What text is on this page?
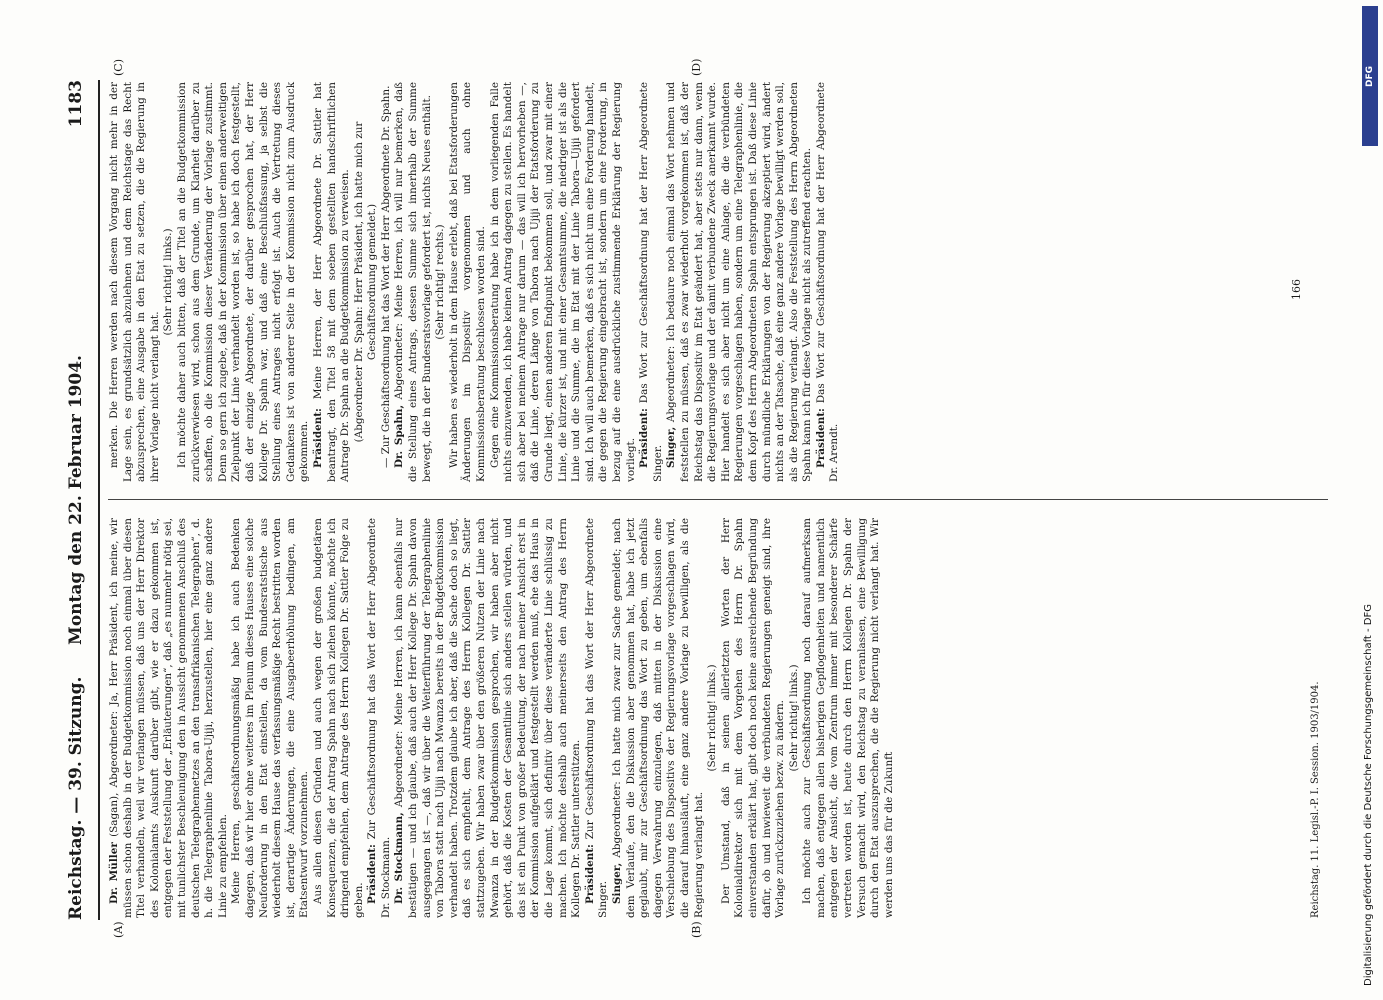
Reichstag. — 39. Sitzung.
Montag den 22. Februar 1904.
1183
(A)	(B)
(C)	(D)

Dr. Müller (Sagan), Abgeordneter: Ja, Herr Präsident, ich meine, wir müssen schon deshalb in der Budgetkommission noch einmal über diesen Titel verhandeln, weil wir verlangen müssen, daß uns der Herr Direktor des Kolonialamts Auskunft darüber gibt, wie er dazu gekommen ist, entgegen der Feststellung der „Erläuterungen“, daß „es nunmehr nötig sei, mit tunlichster Beschleunigung den in Aussicht genommenen Anschluß des deutschen Telegraphennetzes an den transafrikanischen Telegraphen“, d. h. die Telegraphenlinie Tabora-Ujiji, herzustellen, hier eine ganz andere Linie zu empfehlen. Meine Herren, geschäftsordnungsmäßig habe ich auch Bedenken dagegen, daß wir hier ohne weiteres im Plenum dieses Hauses eine solche Neuforderung in den Etat einstellen, da vom Bundesratstische aus wiederholt diesem Hause das verfassungsmäßige Recht bestritten worden ist, derartige Änderungen, die eine Ausgabeerhöhung bedingen, am Etatsentwurf vorzunehmen. Aus allen diesen Gründen und auch wegen der großen budgetären Konsequenzen, die der Antrag Spahn nach sich ziehen könnte, möchte ich dringend empfehlen, dem Antrage des Herrn Kollegen Dr. Sattler Folge zu geben. Präsident: Zur Geschäftsordnung hat das Wort der Herr Abgeordnete Dr. Stockmann. Dr. Stockmann, Abgeordneter: Meine Herren, ich kann ebenfalls nur bestätigen — und ich glaube, daß auch der Herr Kollege Dr. Spahn davon ausgegangen ist —, daß wir über die Weiterführung der Telegraphenlinie von Tabora statt nach Ujiji nach Mwanza bereits in der Budgetkommission verhandelt haben. Trotzdem glaube ich aber, daß die Sache doch so liegt, daß es sich empfiehlt, dem Antrage des Herrn Kollegen Dr. Sattler stattzugeben. Wir haben zwar über den größeren Nutzen der Linie nach Mwanza in der Budgetkommission gesprochen, wir haben aber nicht gehört, daß die Kosten der Gesamtlinie sich anders stellen würden, und das ist ein Punkt von großer Bedeutung, der nach meiner Ansicht erst in der Kommission aufgeklärt und festgestellt werden muß, ehe das Haus in die Lage kommt, sich definitiv über diese veränderte Linie schlüssig zu machen. Ich möchte deshalb auch meinerseits den Antrag des Herrn Kollegen Dr. Sattler unterstützen. Präsident: Zur Geschäftsordnung hat das Wort der Herr Abgeordnete Singer. Singer, Abgeordneter: Ich hatte mich zwar zur Sache gemeldet; nach dem Verlaufe, den die Diskussion aber genommen hat, habe ich jetzt geglaubt, mir zur Geschäftsordnung das Wort zu geben, um ebenfalls dagegen Verwahrung einzulegen, daß mitten in der Diskussion eine Verschiebung des Dispositivs der Regierungsvorlage vorgeschlagen wird, die darauf hinausläuft, eine ganz andere Vorlage zu bewilligen, als die Regierung verlangt hat.

(Sehr richtig! links.) Der Umstand, daß in seinen allerletzten Worten der Herr Kolonialdirektor sich mit dem Vorgehen des Herrn Dr. Spahn einverstanden erklärt hat, gibt doch noch keine ausreichende Begründung dafür, ob und inwieweit die verbündeten Regierungen geneigt sind, ihre Vorlage zurückzuziehen bezw. zu ändern. (Sehr richtig! links.) Ich möchte auch zur Geschäftsordnung noch darauf aufmerksam machen, daß entgegen allen bisherigen Gepflogenheiten und namentlich entgegen der Ansicht, die vom Zentrum immer mit besonderer Schärfe vertreten worden ist, heute durch den Herrn Kollegen Dr. Spahn der Versuch gemacht wird, den Reichstag zu veranlassen, eine Bewilligung durch den Etat auszusprechen, die die Regierung nicht verlangt hat. Wir werden uns das für die Zukunft

merken. Die Herren werden nach diesem Vorgang nicht mehr in der Lage sein, es grundsätzlich abzulehnen und dem Reichstage das Recht abzusprechen, eine Ausgabe in den Etat zu setzen, die die Regierung in ihrer Vorlage nicht verlangt hat.

(Sehr richtig! links.) Ich möchte daher auch bitten, daß der Titel an die Budgetkommission zurückverwiesen wird, schon aus dem Grunde, um Klarheit darüber zu schaffen, ob die Kommission dieser Veränderung der Vorlage zustimmt. Denn so gern ich zugebe, daß in der Kommission über einen anderweitigen Zielpunkt der Linie verhandelt worden ist, so habe ich doch festgestellt, daß der einzige Abgeordnete, der darüber gesprochen hat, der Herr Kollege Dr. Spahn war, und daß eine Beschlußfassung, ja selbst die Stellung eines Antrages nicht erfolgt ist. Auch die Vertretung dieses Gedankens ist von anderer Seite in der Kommission nicht zum Ausdruck gekommen. Präsident: Meine Herren, der Herr Abgeordnete Dr. Sattler hat beantragt, den Titel 58 mit dem soeben gestellten handschriftlichen Antrage Dr. Spahn an die Budgetkommission zu verweisen. (Abgeordneter Dr. Spahn: Herr Präsident, ich hatte mich zur Geschäftsordnung gemeldet.) — Zur Geschäftsordnung hat das Wort der Herr Abgeordnete Dr. Spahn. Dr. Spahn, Abgeordneter: Meine Herren, ich will nur bemerken, daß die Stellung eines Antrags, dessen Summe sich innerhalb der Summe bewegt, die in der Bundesratsvorlage gefordert ist, nichts Neues enthält. (Sehr richtig! rechts.) Wir haben es wiederholt in dem Hause erlebt, daß bei Etatsforderungen Änderungen im Dispositiv vorgenommen und auch ohne Kommissionsberatung beschlossen worden sind. Gegen eine Kommissionsberatung habe ich in dem vorliegenden Falle nichts einzuwenden, ich habe keinen Antrag dagegen zu stellen. Es handelt sich aber bei meinem Antrage nur darum — das will ich hervorheben —, daß die Linie, deren Länge von Tabora nach Ujiji der Etatsforderung zu Grunde liegt, einen anderen Endpunkt bekommen soll, und zwar mit einer Linie, die kürzer ist, und mit einer Gesamtsumme, die niedriger ist als die Linie und die Summe, die im Etat mit der Linie Tabora—Ujiji gefordert sind. Ich will auch bemerken, daß es sich nicht um eine Forderung handelt, die gegen die Regierung eingebracht ist, sondern um eine Forderung, in bezug auf die eine ausdrückliche zustimmende Erklärung der Regierung vorliegt. Präsident: Das Wort zur Geschäftsordnung hat der Herr Abgeordnete Singer. Singer, Abgeordneter: Ich bedaure noch einmal das Wort nehmen und feststellen zu müssen, daß es zwar wiederholt vorgekommen ist, daß der Reichstag das Dispositiv im Etat geändert hat, aber stets nur dann, wenn die Regierungsvorlage und der damit verbundene Zweck anerkannt wurde. Hier handelt es sich aber nicht um eine Anlage, die die verbündeten Regierungen vorgeschlagen haben, sondern um eine Telegraphenlinie, die dem Kopf des Herrn Abgeordneten Spahn entsprungen ist. Daß diese Linie durch mündliche Erklärungen von der Regierung akzeptiert wird, ändert nichts an der Tatsache, daß eine ganz andere Vorlage bewilligt werden soll, als die Regierung verlangt. Also die Feststellung des Herrn Abgeordneten Spahn kann ich für diese Vorlage nicht als zutreffend erachten. Präsident: Das Wort zur Geschäftsordnung hat der Herr Abgeordnete Dr. Arendt.

Reichstag. 11. Legisl.-P. I. Session. 1903/1904.
166
DFG
Digitalisierung gefördert durch die Deutsche Forschungsgemeinschaft - DFG
